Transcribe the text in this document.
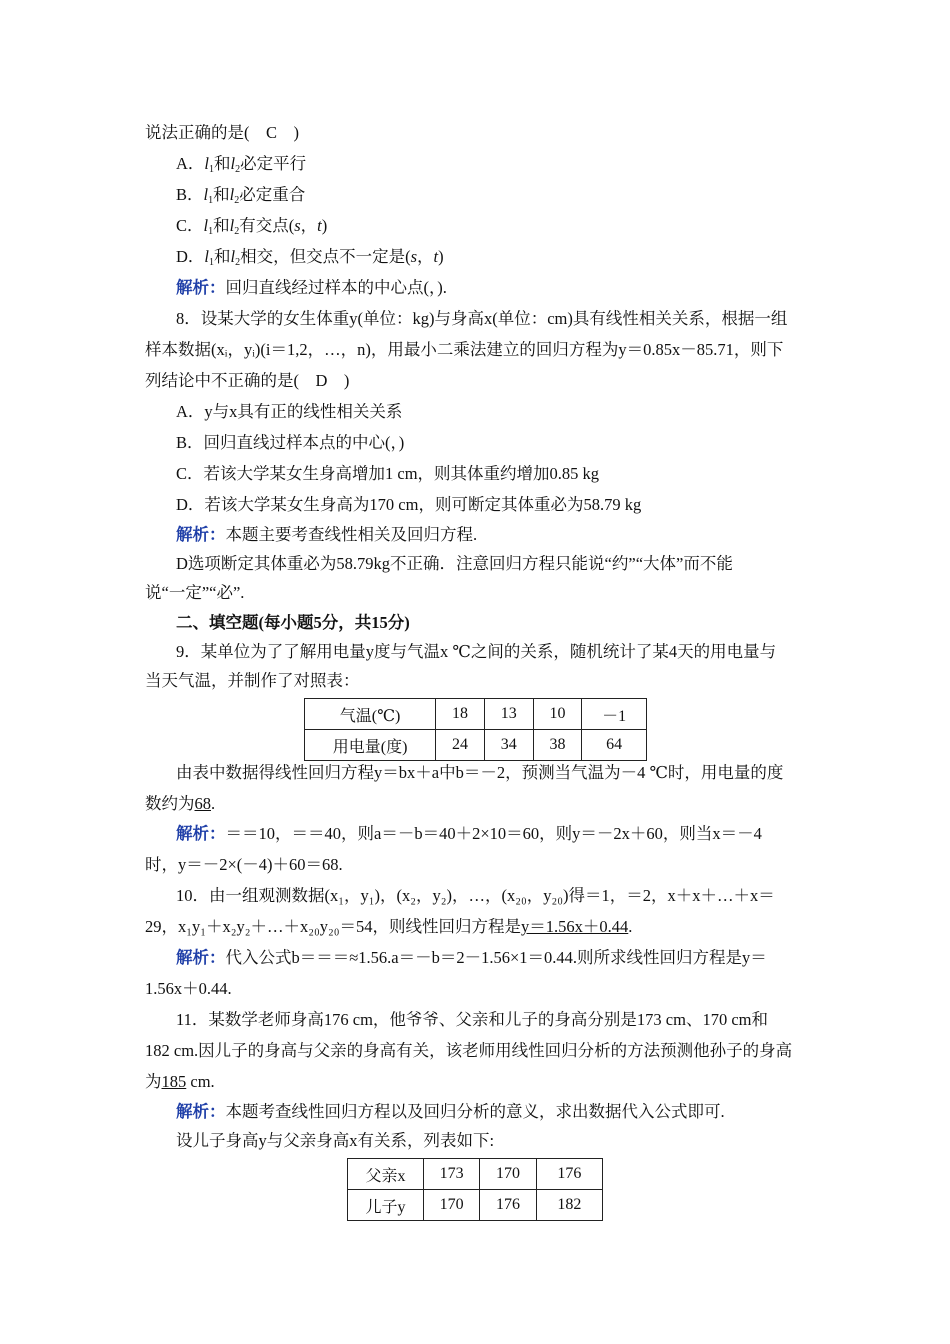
说法正确的是(　C　)
A．$l_1$和$l_2$必定平行
B．$l_1$和$l_2$必定重合
C．$l_1$和$l_2$有交点(s，t)
D．$l_1$和$l_2$相交，但交点不一定是(s，t)
解析：回归直线经过样本的中心点(，).
8．设某大学的女生体重y(单位：kg)与身高x(单位：cm)具有线性相关关系，根据一组
样本数据(xᵢ，yᵢ)(i＝1,2，…，n)，用最小二乘法建立的回归方程为y＝0.85x－85.71，则下
列结论中不正确的是(　D　)
A．y与x具有正的线性相关关系
B．回归直线过样本点的中心(，)
C．若该大学某女生身高增加1 cm，则其体重约增加0.85 kg
D．若该大学某女生身高为170 cm，则可断定其体重必为58.79 kg
解析：本题主要考查线性相关及回归方程.
D选项断定其体重必为58.79kg不正确．注意回归方程只能说“约”“大体”而不能
说“一定”“必”.
二、填空题(每小题5分，共15分)
9．某单位为了了解用电量y度与气温x ℃之间的关系，随机统计了某4天的用电量与
当天气温，并制作了对照表：
气温(℃)	18	13	10	－1
用电量(度)	24	34	38	64
由表中数据得线性回归方程y＝bx＋a中b＝－2，预测当气温为－4 ℃时，用电量的度
数约为68.
解析：＝＝10，＝＝40，则a＝－b＝40＋2×10＝60，则y＝－2x＋60，则当x＝－4
时，y＝－2×(－4)＋60＝68.
10．由一组观测数据(x₁，y₁)，(x₂，y₂)，…，(x₂₀，y₂₀)得＝1，＝2，x＋x＋…＋x＝
29，x₁y₁＋x₂y₂＋…＋x₂₀y₂₀＝54，则线性回归方程是y＝1.56x＋0.44.
解析：代入公式b＝＝＝≈1.56.a＝－b＝2－1.56×1＝0.44.则所求线性回归方程是y＝
1.56x＋0.44.
11．某数学老师身高176 cm，他爷爷、父亲和儿子的身高分别是173 cm、170 cm和
182 cm.因儿子的身高与父亲的身高有关，该老师用线性回归分析的方法预测他孙子的身高
为185 cm.
解析：本题考查线性回归方程以及回归分析的意义，求出数据代入公式即可.
设儿子身高y与父亲身高x有关系，列表如下:
父亲x	173	170	176
儿子y	170	176	182
